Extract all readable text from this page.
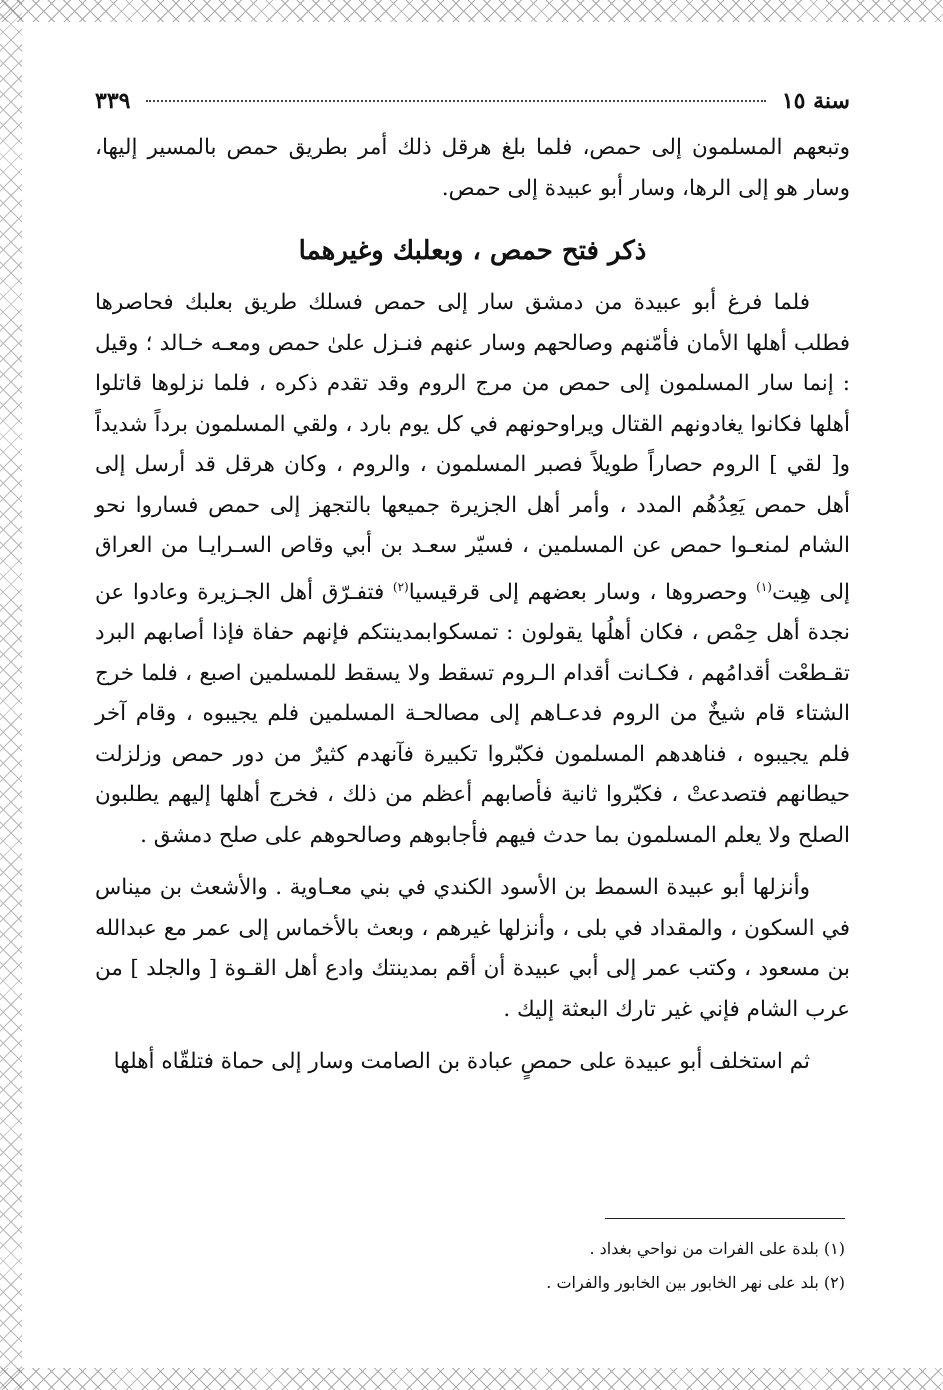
سنة ١٥
٣٣٩

وتبعهم المسلمون إلى حمص، فلما بلغ هرقل ذلك أمر بطريق حمص بالمسير إليها، وسار هو إلى الرها، وسار أبو عبيدة إلى حمص.

ذكر فتح حمص ، وبعلبك وغيرهما

فلما فرغ أبو عبيدة من دمشق سار إلى حمص فسلك طريق بعلبك فحاصرها فطلب أهلها الأمان فأمّنهم وصالحهم وسار عنهم فنـزل علىٰ حمص ومعـه خـالد ؛ وقيل : إنما سار المسلمون إلى حمص من مرج الروم وقد تقدم ذكره ، فلما نزلوها قاتلوا أهلها فكانوا يغادونهم القتال ويراوحونهم في كل يوم بارد ، ولقي المسلمون برداً شديداً و[ لقي ] الروم حصاراً طويلاً فصبر المسلمون ، والروم ، وكان هرقل قد أرسل إلى أهل حمص يَعِدُهُم المدد ، وأمر أهل الجزيرة جميعها بالتجهز إلى حمص فساروا نحو الشام لمنعـوا حمص عن المسلمين ، فسيّر سعـد بن أبي وقاص السـرايـا من العراق إلى هِيت$^{(١)}$ وحصروها ، وسار بعضهم إلى قرقيسيا$^{(٢)}$ فتفـرّق أهل الجـزيرة وعادوا عن نجدة أهل حِمْص ، فكان أهلُها يقولون : تمسكوابمدينتكم فإنهم حفاة فإذا أصابهم البرد تقـطعْت أقدامُهم ، فكـانت أقدام الـروم تسقط ولا يسقط للمسلمين اصبع ، فلما خرج الشتاء قام شيخٌ من الروم فدعـاهم إلى مصالحـة المسلمين فلم يجيبوه ، وقام آخر فلم يجيبوه ، فناهدهم المسلمون فكبّروا تكبيرة فآنهدم كثيرٌ من دور حمص وزلزلت حيطانهم فتصدعتْ ، فكبّروا ثانية فأصابهم أعظم من ذلك ، فخرج أهلها إليهم يطلبون الصلح ولا يعلم المسلمون بما حدث فيهم فأجابوهم وصالحوهم على صلح دمشق .

وأنزلها أبو عبيدة السمط بن الأسود الكندي في بني معـاوية . والأشعث بن ميناس في السكون ، والمقداد في بلى ، وأنزلها غيرهم ، وبعث بالأخماس إلى عمر مع عبدالله بن مسعود ، وكتب عمر إلى أبي عبيدة أن أقم بمدينتك وادع أهل القـوة [ والجلد ] من عرب الشام فإني غير تارك البعثة إليك .

ثم استخلف أبو عبيدة على حمصٍ عبادة بن الصامت وسار إلى حماة فتلقّاه أهلها

(١) بلدة على الفرات من نواحي بغداد .
(٢) بلد على نهر الخابور بين الخابور والفرات .
